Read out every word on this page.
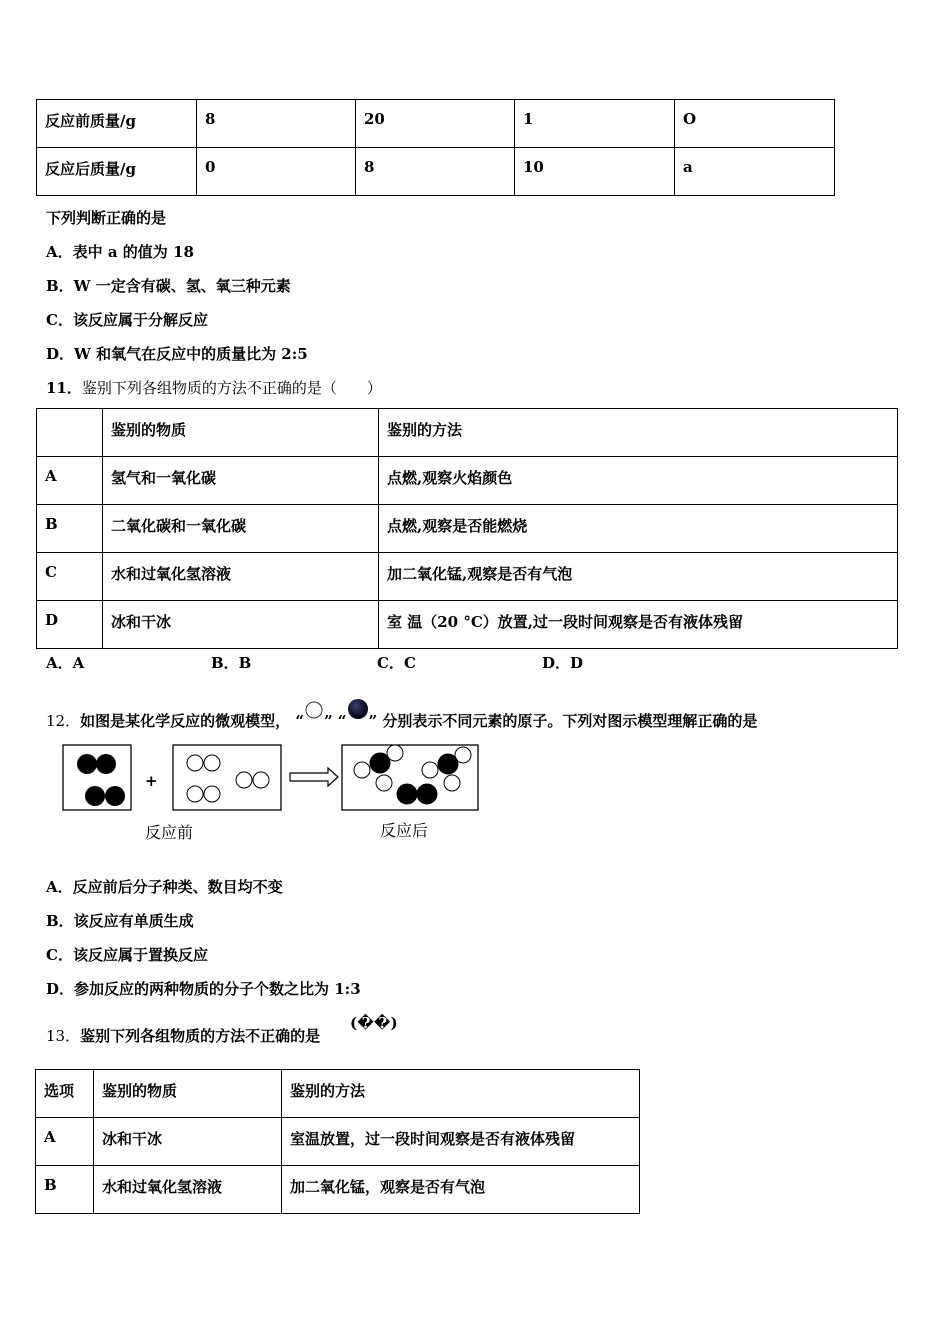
反应前质量/g	8	20	1	O
反应后质量/g	0	8	10	a
下列判断正确的是
A．表中 a 的值为 18
B．W 一定含有碳、氢、氧三种元素
C．该反应属于分解反应
D．W 和氧气在反应中的质量比为 2:5
11．鉴别下列各组物质的方法不正确的是（　　）
	鉴别的物质	鉴别的方法
A	氢气和一氧化碳	点燃,观察火焰颜色
B	二氧化碳和一氧化碳	点燃,观察是否能燃烧
C	水和过氧化氢溶液	加二氧化锰,观察是否有气泡
D	冰和干冰	室 温（20 °C）放置,过一段时间观察是否有液体残留
A．A	B．B	C．C	D．D
12．如图是某化学反应的微观模型， “ ” “ ” 分别表示不同元素的原子。下列对图示模型理解正确的是
+
反应前	反应后
A．反应前后分子种类、数目均不变
B．该反应有单质生成
C．该反应属于置换反应
D．参加反应的两种物质的分子个数之比为 1:3
13．鉴别下列各组物质的方法不正确的是
(��)
选项	鉴别的物质	鉴别的方法
A	冰和干冰	室温放置，过一段时间观察是否有液体残留
B	水和过氧化氢溶液	加二氧化锰，观察是否有气泡
